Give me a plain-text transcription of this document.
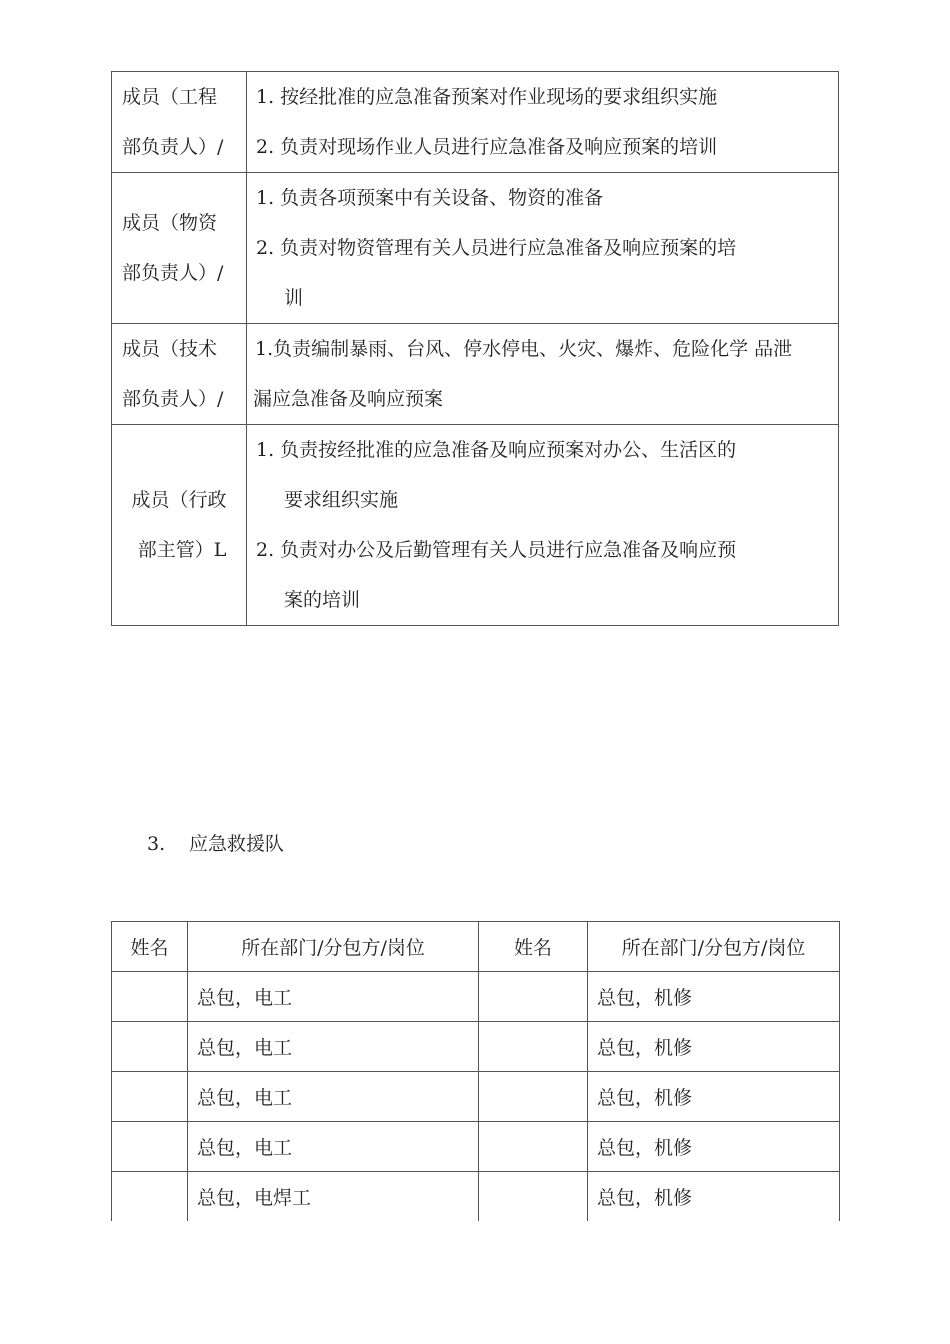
成员（工程
部负责人）/	1. 按经批准的应急准备预案对作业现场的要求组织实施
2. 负责对现场作业人员进行应急准备及响应预案的培训

成员（物资
部负责人）/	1. 负责各项预案中有关设备、物资的准备
2. 负责对物资管理有关人员进行应急准备及响应预案的培
训

成员（技术
部负责人）/	1.负责编制暴雨、台风、停水停电、火灾、爆炸、危险化学 品泄
漏应急准备及响应预案

成员（行政
部主管）L	1. 负责按经批准的应急准备及响应预案对办公、生活区的
要求组织实施
2. 负责对办公及后勤管理有关人员进行应急准备及响应预
案的培训
3.	应急救援队
姓名	所在部门/分包方/岗位	姓名	所在部门/分包方/岗位
	总包，电工		总包，机修
	总包，电工		总包，机修
	总包，电工		总包，机修
	总包，电工		总包，机修
	总包，电焊工		总包，机修
